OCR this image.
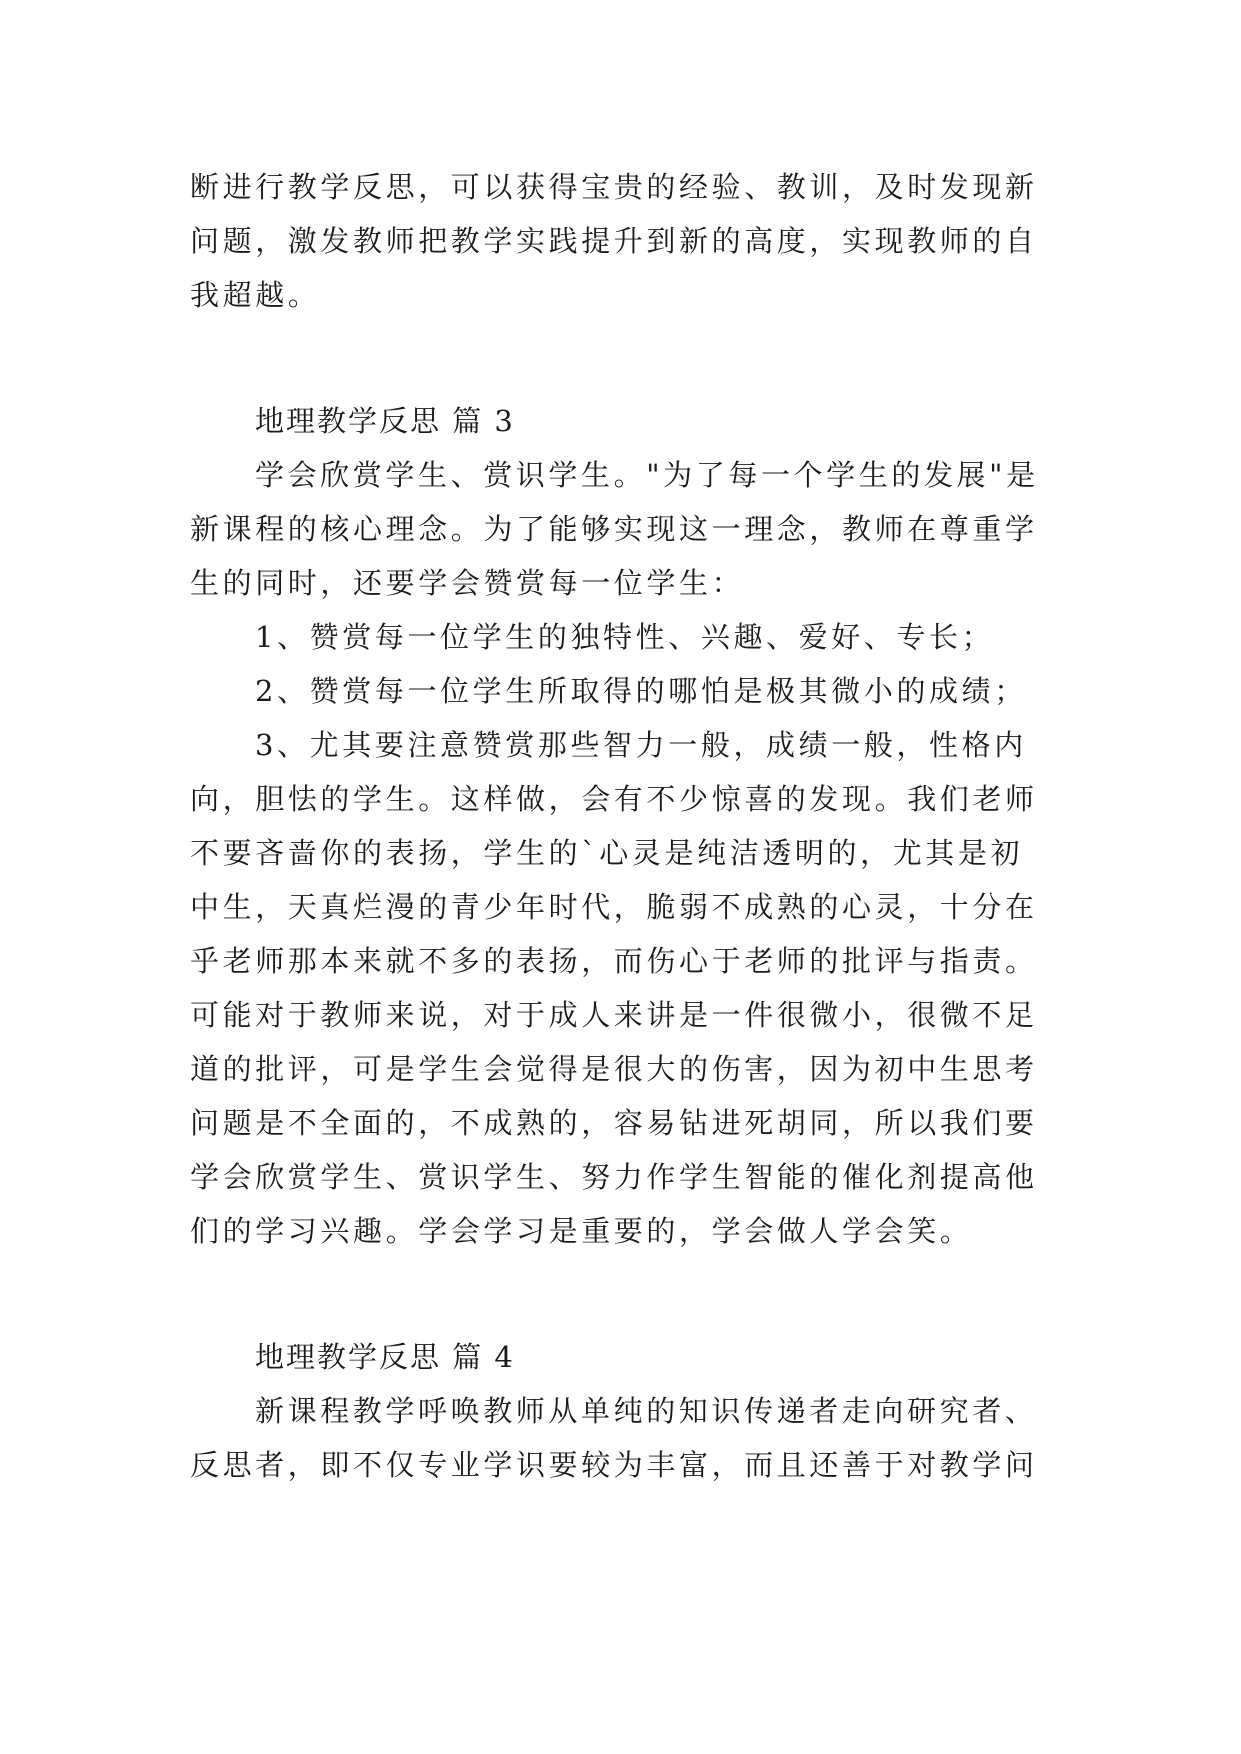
断进行教学反思，可以获得宝贵的经验、教训，及时发现新
问题，激发教师把教学实践提升到新的高度，实现教师的自
我超越。
地理教学反思 篇 3
学会欣赏学生、赏识学生。"为了每一个学生的发展"是
新课程的核心理念。为了能够实现这一理念，教师在尊重学
生的同时，还要学会赞赏每一位学生：
1、赞赏每一位学生的独特性、兴趣、爱好、专长；
2、赞赏每一位学生所取得的哪怕是极其微小的成绩；
3、尤其要注意赞赏那些智力一般，成绩一般，性格内
向，胆怯的学生。这样做，会有不少惊喜的发现。我们老师
不要吝啬你的表扬，学生的`心灵是纯洁透明的，尤其是初
中生，天真烂漫的青少年时代，脆弱不成熟的心灵，十分在
乎老师那本来就不多的表扬，而伤心于老师的批评与指责。
可能对于教师来说，对于成人来讲是一件很微小，很微不足
道的批评，可是学生会觉得是很大的伤害，因为初中生思考
问题是不全面的，不成熟的，容易钻进死胡同，所以我们要
学会欣赏学生、赏识学生、努力作学生智能的催化剂提高他
们的学习兴趣。学会学习是重要的，学会做人学会笑。
地理教学反思 篇 4
新课程教学呼唤教师从单纯的知识传递者走向研究者、
反思者，即不仅专业学识要较为丰富，而且还善于对教学问
